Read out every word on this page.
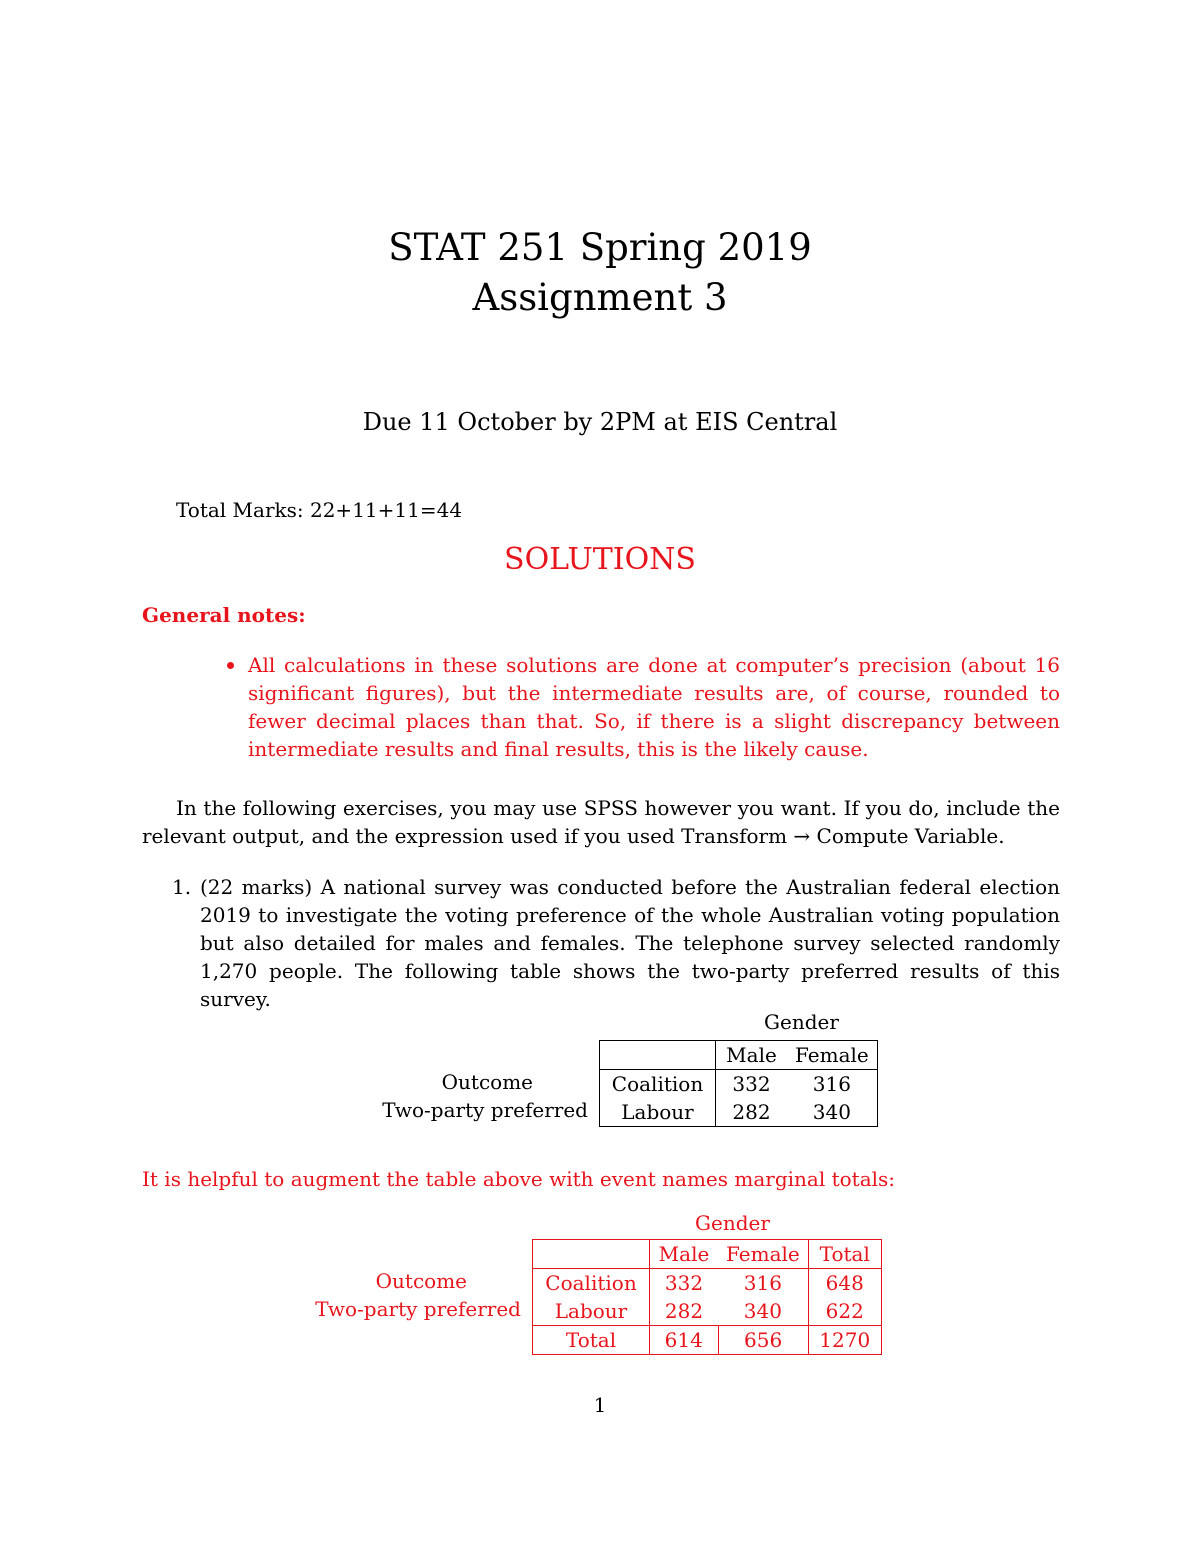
STAT 251 Spring 2019
Assignment 3
Due 11 October by 2PM at EIS Central
Total Marks: 22+11+11=44
SOLUTIONS
General notes:
All calculations in these solutions are done at computer’s precision (about 16 significant figures), but the intermediate results are, of course, rounded to fewer decimal places than that. So, if there is a slight discrepancy between intermediate results and final results, this is the likely cause.
In the following exercises, you may use SPSS however you want. If you do, include the relevant output, and the expression used if you used Transform → Compute Variable.
1. (22 marks) A national survey was conducted before the Australian federal election 2019 to investigate the voting preference of the whole Australian voting population but also detailed for males and females. The telephone survey selected randomly 1,270 people. The following table shows the two-party preferred results of this survey.
Gender
Outcome
Two-party preferred
	Male	Female
Coalition	332	316
Labour	282	340
It is helpful to augment the table above with event names marginal totals:
Gender
Outcome
Two-party preferred
	Male	Female	Total
Coalition	332	316	648
Labour	282	340	622
Total	614	656	1270
1
